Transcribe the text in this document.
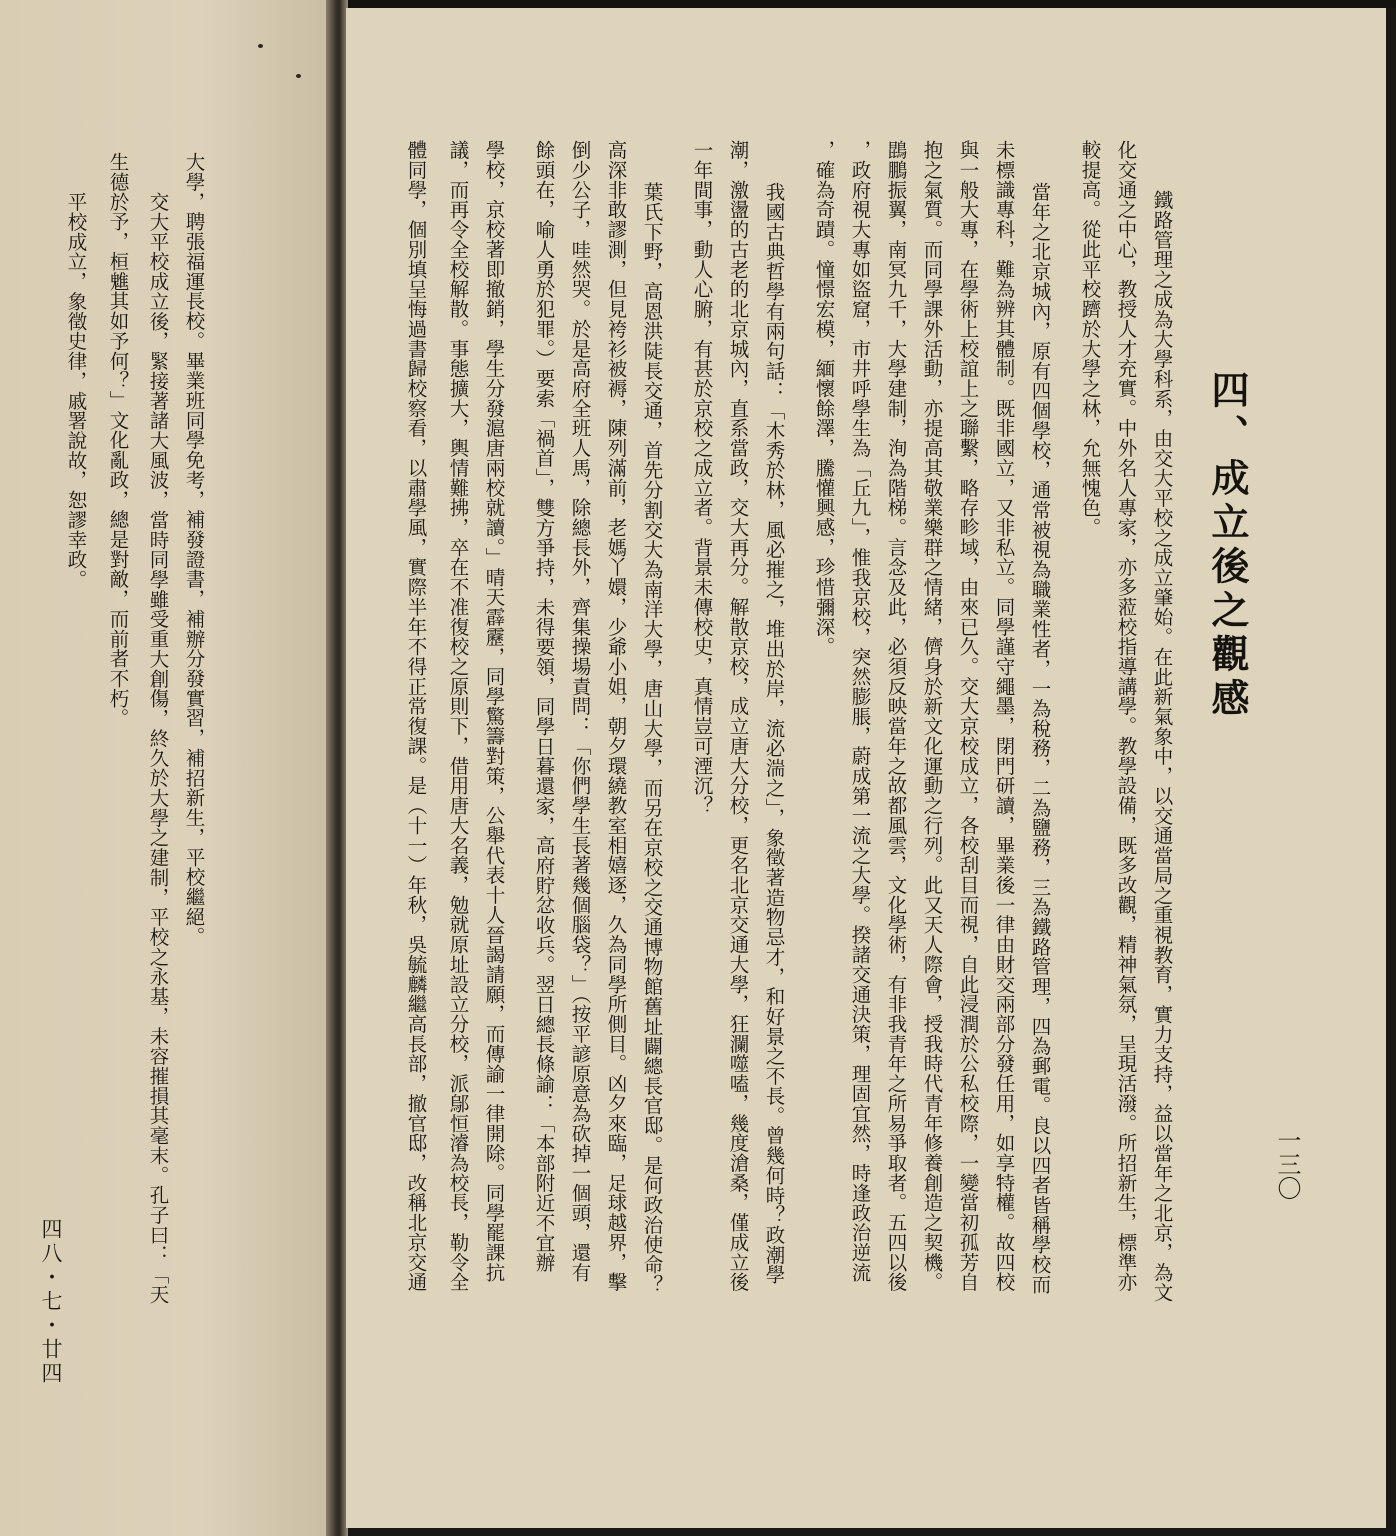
四、成立後之觀感
一三〇
鐵路管理之成為大學科系，由交大平校之成立肇始。在此新氣象中，以交通當局之重視教育，實力支持，益以當年之北京，為文
化交通之中心，教授人才充實。中外名人專家，亦多蒞校指導講學。教學設備，既多改觀，精神氣氛，呈現活潑。所招新生，標準亦
較提高。從此平校躋於大學之林，允無愧色。
當年之北京城內，原有四個學校，通常被視為職業性者，一為稅務，二為鹽務，三為鐵路管理，四為郵電。良以四者皆稱學校而
未標識專科，難為辨其體制。既非國立，又非私立。同學謹守繩墨，閉門研讀，畢業後一律由財交兩部分發任用，如享特權。故四校
與一般大專，在學術上校誼上之聯繫，略存畛域，由來已久。交大京校成立，各校刮目而視，自此浸潤於公私校際，一變當初孤芳自
抱之氣質。而同學課外活動，亦提高其敬業樂群之情緒，儕身於新文化運動之行列。此又天人際會，授我時代青年修養創造之契機。
鵾鵬振翼，南冥九千，大學建制，洵為階梯。言念及此，必須反映當年之故都風雲，文化學術，有非我青年之所易爭取者。五四以後
，政府視大專如盜窟，市井呼學生為「丘九」，惟我京校，突然膨脹，蔚成第一流之大學。揆諸交通決策，理固宜然，時逢政治逆流
，確為奇蹟。憧憬宏模，緬懷餘澤，騰懽興感，珍惜彌深。
我國古典哲學有兩句話：「木秀於林，風必摧之，堆出於岸，流必湍之」，象徵著造物忌才，和好景之不長。曾幾何時？政潮學
潮，激盪的古老的北京城內，直系當政，交大再分。解散京校，成立唐大分校，更名北京交通大學，狂瀾噬嗑，幾度滄桑，僅成立後
一年間事，動人心腑，有甚於京校之成立者。背景未傳校史，真情豈可湮沉？
葉氏下野，高恩洪陡長交通，首先分割交大為南洋大學，唐山大學，而另在京校之交通博物館舊址闢總長官邸。是何政治使命？
高深非敢謬測，但見袴衫被褥，陳列滿前，老媽丫嬛，少爺小姐，朝夕環繞教室相嬉逐，久為同學所側目。凶夕來臨，足球越界，擊
倒少公子，哇然哭。於是高府全班人馬，除總長外，齊集操場責問：「你們學生長著幾個腦袋？」（按平諺原意為砍掉一個頭，還有
餘頭在，喻人勇於犯罪。）要索「禍首」，雙方爭持，未得要領，同學日暮還家，高府貯忿收兵。翌日總長條諭：「本部附近不宜辦
學校，京校著即撤銷，學生分發滬唐兩校就讀。」晴天霹靂，同學驚籌對策，公舉代表十人晉謁請願，而傳諭一律開除。同學罷課抗
議，而再令全校解散。事態擴大，輿情難拂，卒在不准復校之原則下，借用唐大名義，勉就原址設立分校，派鄔恒濬為校長，勒令全
體同學，個別填呈悔過書歸校察看，以肅學風，實際半年不得正常復課。是（十一）年秋，吳毓麟繼高長部，撤官邸，改稱北京交通
大學，聘張福運長校。畢業班同學免考，補發證書，補辦分發實習，補招新生，平校繼絕。
交大平校成立後，緊接著諸大風波，當時同學雖受重大創傷，終久於大學之建制，平校之永基，未容摧損其毫末。孔子曰：「天
生德於予，桓魋其如予何？」文化亂政，總是對敵，而前者不朽。
平校成立，象徵史律，戚署說故，恕謬幸政。
四八・七・廿四
